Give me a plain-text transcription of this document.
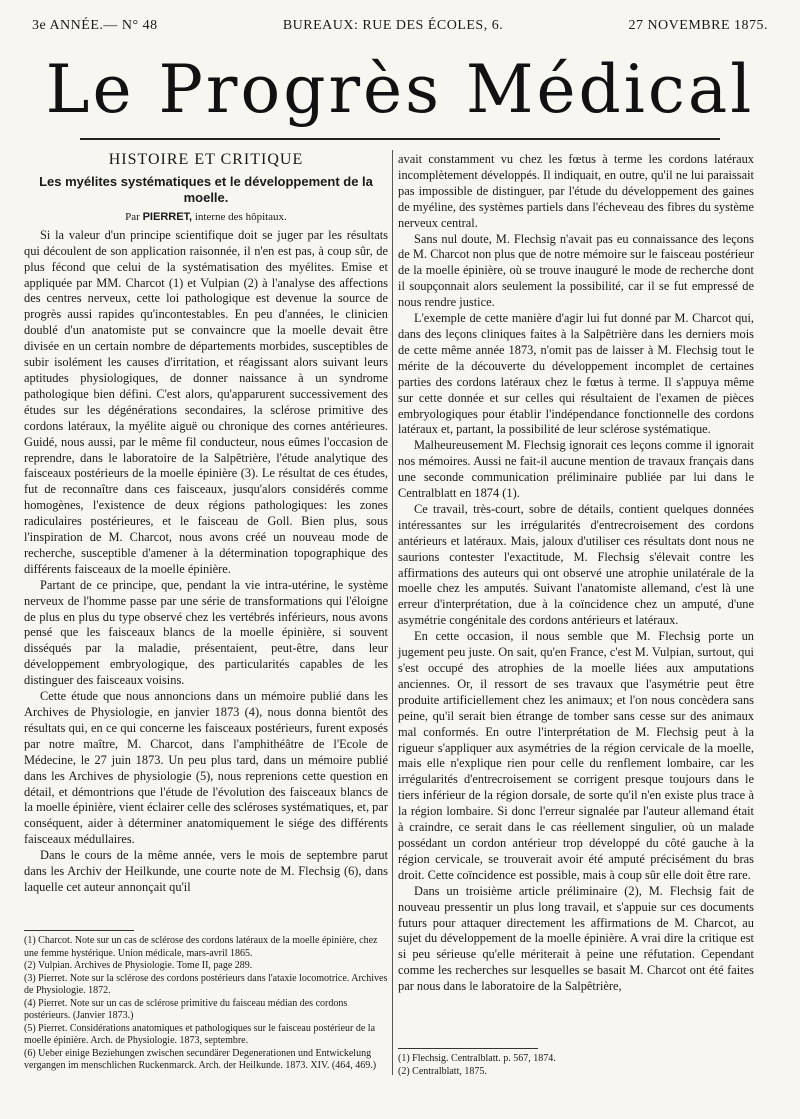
3e ANNÉE.— N° 48	BUREAUX: RUE DES ÉCOLES, 6.	27 NOVEMBRE 1875.
Le Progrès Médical
HISTOIRE ET CRITIQUE
Les myélites systématiques et le développement de la moelle.
Par PIERRET, interne des hôpitaux.

Si la valeur d'un principe scientifique doit se juger par les résultats qui découlent de son application raisonnée, il n'en est pas, à coup sûr, de plus fécond que celui de la systématisation des myélites. Emise et appliquée par MM. Charcot (1) et Vulpian (2) à l'analyse des affections des centres nerveux, cette loi pathologique est devenue la source de progrès aussi rapides qu'incontestables. En peu d'années, le clinicien doublé d'un anatomiste put se convaincre que la moelle devait être divisée en un certain nombre de départements morbides, susceptibles de subir isolément les causes d'irritation, et réagissant alors suivant leurs aptitudes physiologiques, de donner naissance à un syndrome pathologique bien défini. C'est alors, qu'apparurent successivement des études sur les dégénérations secondaires, la sclérose primitive des cordons latéraux, la myélite aiguë ou chronique des cornes antérieures. Guidé, nous aussi, par le même fil conducteur, nous eûmes l'occasion de reprendre, dans le laboratoire de la Salpêtrière, l'étude analytique des faisceaux postérieurs de la moelle épinière (3). Le résultat de ces études, fut de reconnaître dans ces faisceaux, jusqu'alors considérés comme homogènes, l'existence de deux régions pathologiques: les zones radiculaires postérieures, et le faisceau de Goll. Bien plus, sous l'inspiration de M. Charcot, nous avons créé un nouveau mode de recherche, susceptible d'amener à la détermination topographique des différents faisceaux de la moelle épinière.

Partant de ce principe, que, pendant la vie intra-utérine, le système nerveux de l'homme passe par une série de transformations qui l'éloigne de plus en plus du type observé chez les vertébrés inférieurs, nous avons pensé que les faisceaux blancs de la moelle épinière, si souvent disséqués par la maladie, présentaient, peut-être, dans leur développement embryologique, des particularités capables de les distinguer des faisceaux voisins.

Cette étude que nous annoncions dans un mémoire publié dans les Archives de Physiologie, en janvier 1873 (4), nous donna bientôt des résultats qui, en ce qui concerne les faisceaux postérieurs, furent exposés par notre maître, M. Charcot, dans l'amphithéâtre de l'Ecole de Médecine, le 27 juin 1873. Un peu plus tard, dans un mémoire publié dans les Archives de physiologie (5), nous reprenions cette question en détail, et démontrions que l'étude de l'évolution des faisceaux blancs de la moelle épinière, vient éclairer celle des scléroses systématiques, et, par conséquent, aider à déterminer anatomiquement le siége des différents faisceaux médullaires.

Dans le cours de la même année, vers le mois de septembre parut dans les Archiv der Heilkunde, une courte note de M. Flechsig (6), dans laquelle cet auteur annonçait qu'il

avait constamment vu chez les fœtus à terme les cordons latéraux incomplètement développés. Il indiquait, en outre, qu'il ne lui paraissait pas impossible de distinguer, par l'étude du développement des gaines de myéline, des systèmes partiels dans l'écheveau des fibres du système nerveux central.

Sans nul doute, M. Flechsig n'avait pas eu connaissance des leçons de M. Charcot non plus que de notre mémoire sur le faisceau postérieur de la moelle épinière, où se trouve inauguré le mode de recherche dont il soupçonnait alors seulement la possibilité, car il se fut empressé de nous rendre justice.

L'exemple de cette manière d'agir lui fut donné par M. Charcot qui, dans des leçons cliniques faites à la Salpêtrière dans les derniers mois de cette même année 1873, n'omit pas de laisser à M. Flechsig tout le mérite de la découverte du développement incomplet de certaines parties des cordons latéraux chez le fœtus à terme. Il s'appuya même sur cette donnée et sur celles qui résultaient de l'examen de pièces embryologiques pour établir l'indépendance fonctionnelle des cordons latéraux et, partant, la possibilité de leur sclérose systématique.

Malheureusement M. Flechsig ignorait ces leçons comme il ignorait nos mémoires. Aussi ne fait-il aucune mention de travaux français dans une seconde communication préliminaire publiée par lui dans le Centralblatt en 1874 (1).

Ce travail, très-court, sobre de détails, contient quelques données intéressantes sur les irrégularités d'entrecroisement des cordons antérieurs et latéraux. Mais, jaloux d'utiliser ces résultats dont nous ne saurions contester l'exactitude, M. Flechsig s'élevait contre les affirmations des auteurs qui ont observé une atrophie unilatérale de la moelle chez les amputés. Suivant l'anatomiste allemand, c'est là une erreur d'interprétation, due à la coïncidence chez un amputé, d'une asymétrie congénitale des cordons antérieurs et latéraux.

En cette occasion, il nous semble que M. Flechsig porte un jugement peu juste. On sait, qu'en France, c'est M. Vulpian, surtout, qui s'est occupé des atrophies de la moelle liées aux amputations anciennes. Or, il ressort de ses travaux que l'asymétrie peut être produite artificiellement chez les animaux; et l'on nous concèdera sans peine, qu'il serait bien étrange de tomber sans cesse sur des animaux mal conformés. En outre l'interprétation de M. Flechsig peut à la rigueur s'appliquer aux asymétries de la région cervicale de la moelle, mais elle n'explique rien pour celle du renflement lombaire, car les irrégularités d'entrecroisement se corrigent presque toujours dans le tiers inférieur de la région dorsale, de sorte qu'il n'en existe plus trace à la région lombaire. Si donc l'erreur signalée par l'auteur allemand était à craindre, ce serait dans le cas réellement singulier, où un malade possédant un cordon antérieur trop développé du côté gauche à la région cervicale, se trouverait avoir été amputé précisément du bras droit. Cette coïncidence est possible, mais à coup sûr elle doit être rare.

Dans un troisième article préliminaire (2), M. Flechsig fait de nouveau pressentir un plus long travail, et s'appuie sur ces documents futurs pour attaquer directement les affirmations de M. Charcot, au sujet du développement de la moelle épinière. A vrai dire la critique est si peu sérieuse qu'elle mériterait à peine une réfutation. Cependant comme les recherches sur lesquelles se basait M. Charcot ont été faites par nous dans le laboratoire de la Salpêtrière,

(1) Charcot. Note sur un cas de sclérose des cordons latéraux de la moelle épinière, chez une femme hystérique. Union médicale, mars-avril 1865.
(2) Vulpian. Archives de Physiologie. Tome II, page 289.
(3) Pierret. Note sur la sclérose des cordons postérieurs dans l'ataxie locomotrice. Archives de Physiologie. 1872.
(4) Pierret. Note sur un cas de sclérose primitive du faisceau médian des cordons postérieurs. (Janvier 1873.)
(5) Pierret. Considérations anatomiques et pathologiques sur le faisceau postérieur de la moelle épinière. Arch. de Physiologie. 1873, septembre.
(6) Ueber einige Beziehungen zwischen secundärer Degenerationen und Entwickelung vergangen im menschlichen Ruckenmarck. Arch. der Heilkunde. 1873. XIV. (464, 469.)
(1) Flechsig. Centralblatt. p. 567, 1874.
(2) Centralblatt, 1875.
